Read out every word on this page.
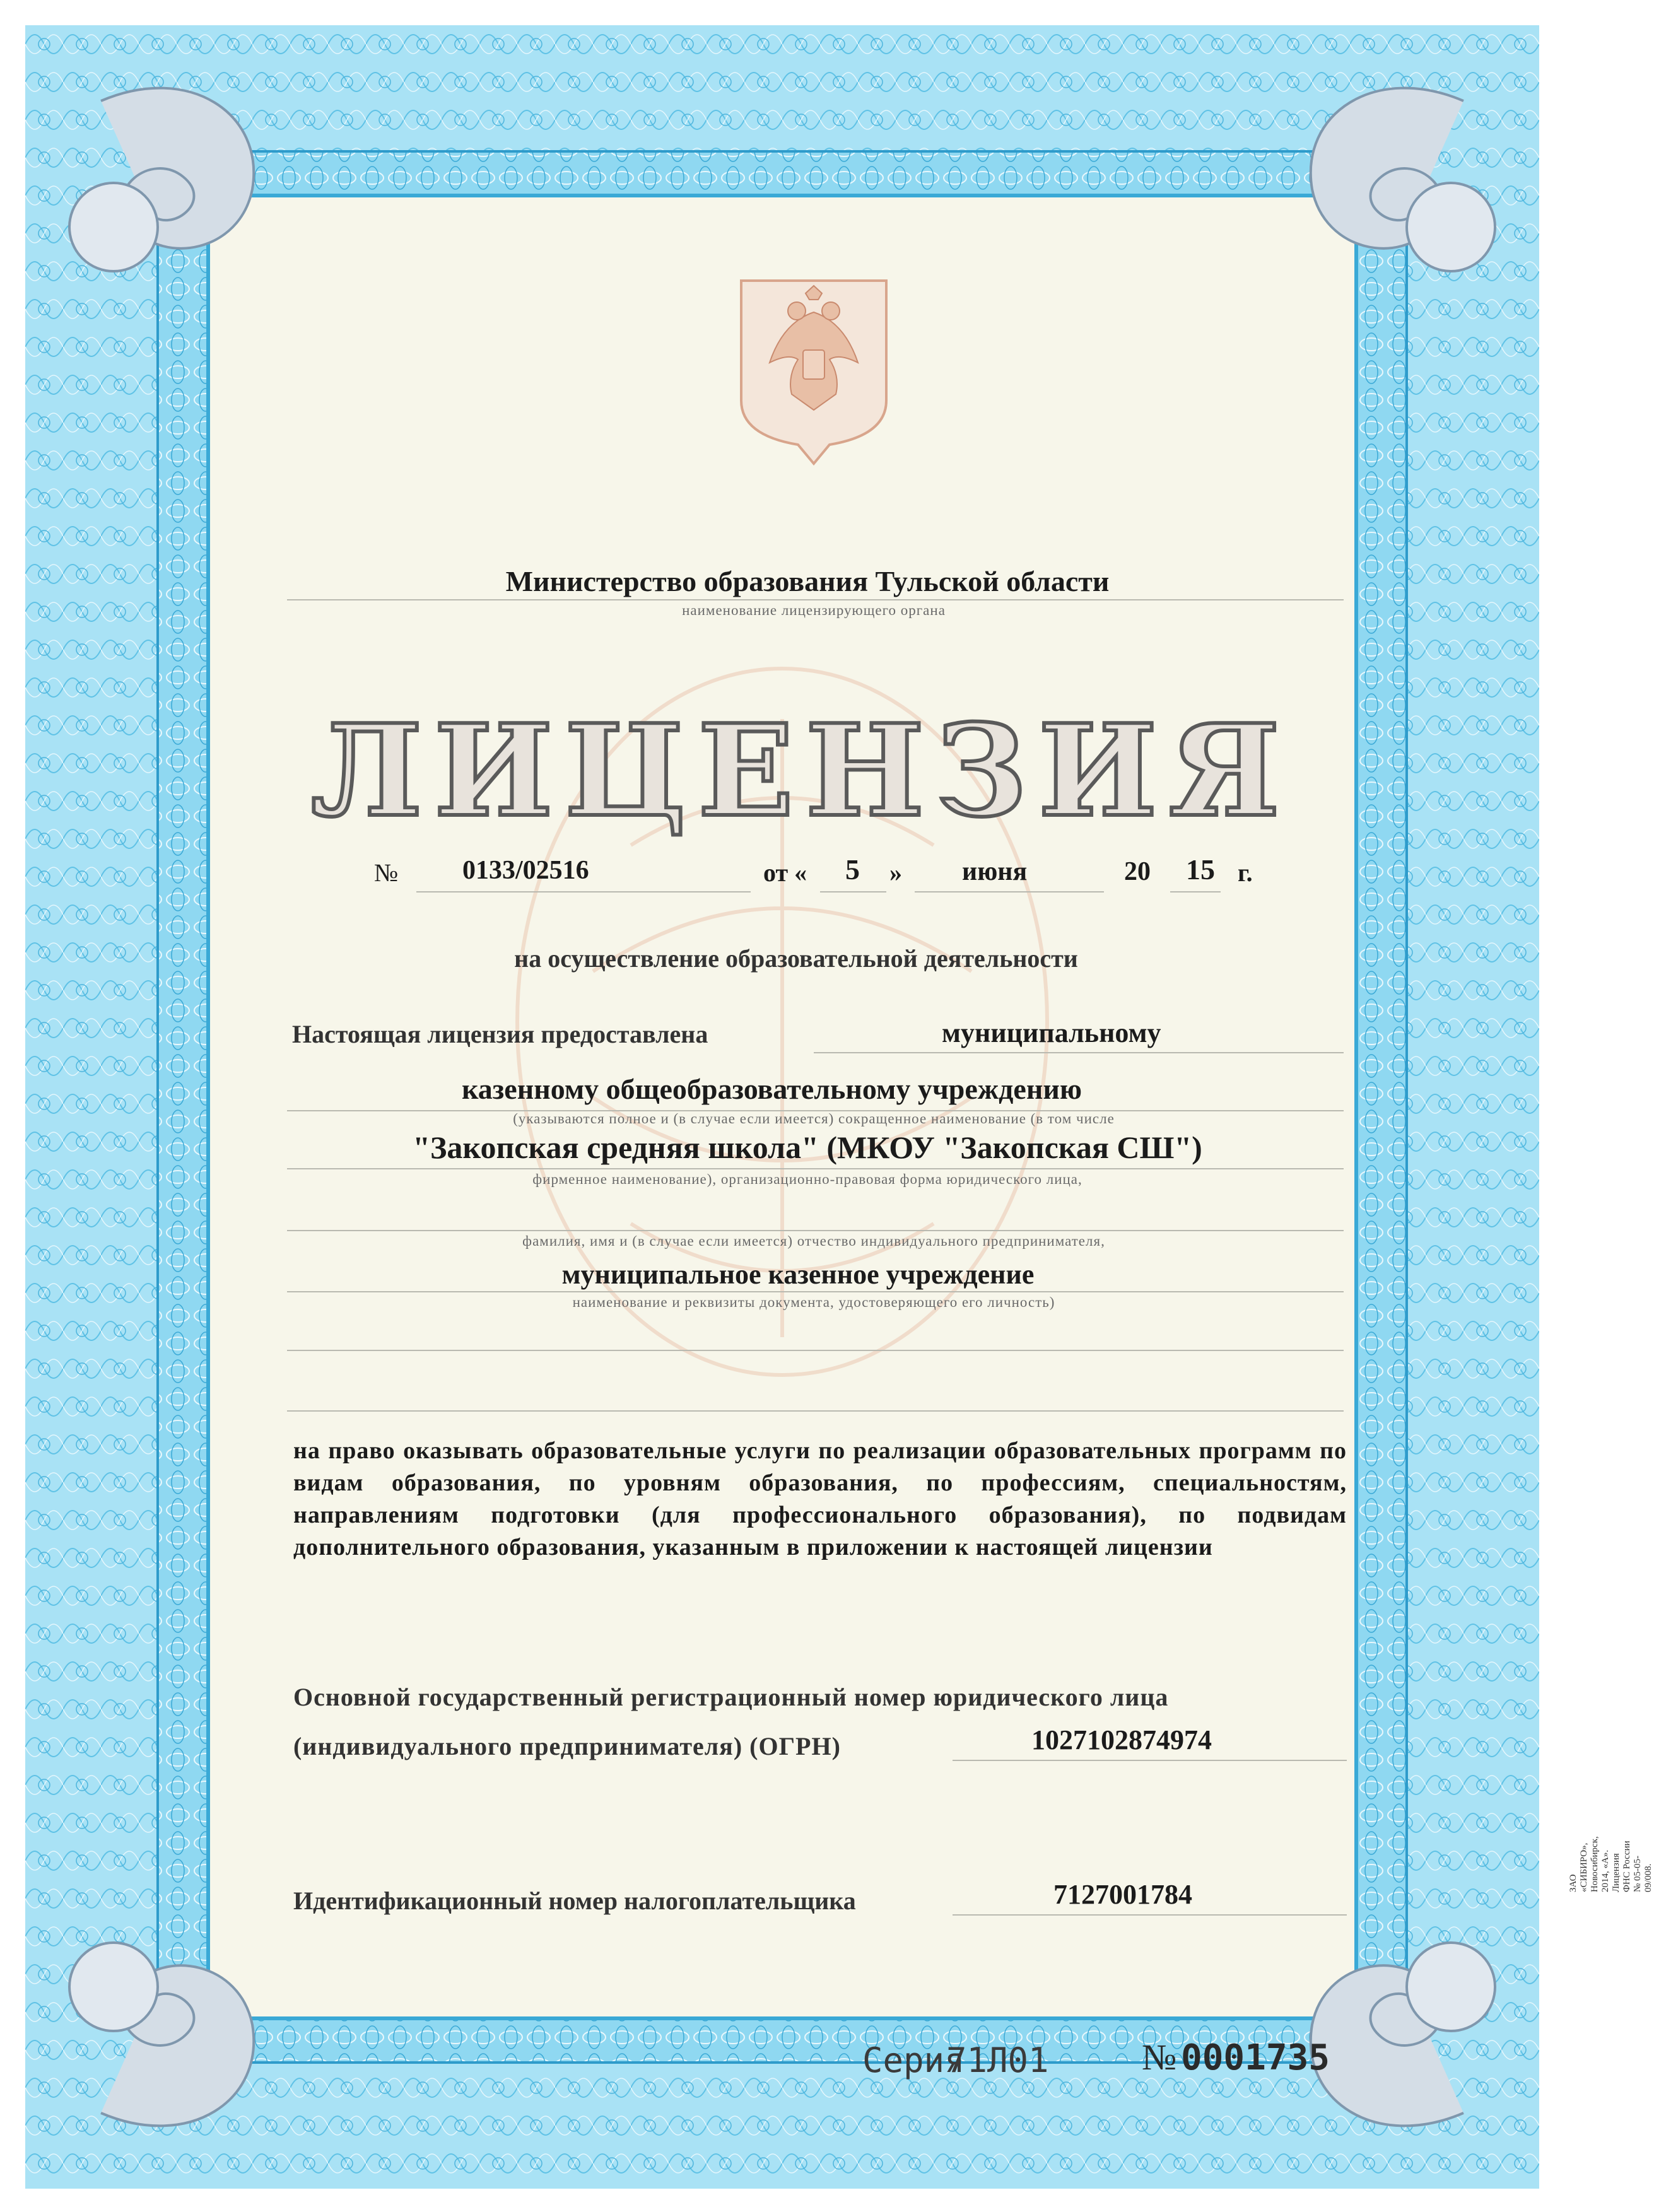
Министерство образования Тульской области
наименование лицензирующего органа
ЛИЦЕНЗИЯ
№ 0133/02516	от « 5 » июня	20 15 г.
на осуществление образовательной деятельности
Настоящая лицензия предоставлена	муниципальному
казенному общеобразовательному учреждению
(указываются полное и (в случае если имеется) сокращенное наименование (в том числе
"Закопская средняя школа" (МКОУ "Закопская СШ")
фирменное наименование), организационно-правовая форма юридического лица,
фамилия, имя и (в случае если имеется) отчество индивидуального предпринимателя,
муниципальное казенное учреждение
наименование и реквизиты документа, удостоверяющего его личность)
на право оказывать образовательные услуги по реализации образовательных программ по видам образования, по уровням образования, по профессиям, специальностям, направлениям подготовки (для профессионального образования), по подвидам дополнительного образования, указанным в приложении к настоящей лицензии
Основной государственный регистрационный номер юридического лица
(индивидуального предпринимателя) (ОГРН)	1027102874974
Идентификационный номер налогоплательщика	7127001784
Серия
71Л01	№ 0001735
ЗАО «СИБИРО», Новосибирск, 2014, «А». Лицензия ФНС России № 05-05-09/008.
